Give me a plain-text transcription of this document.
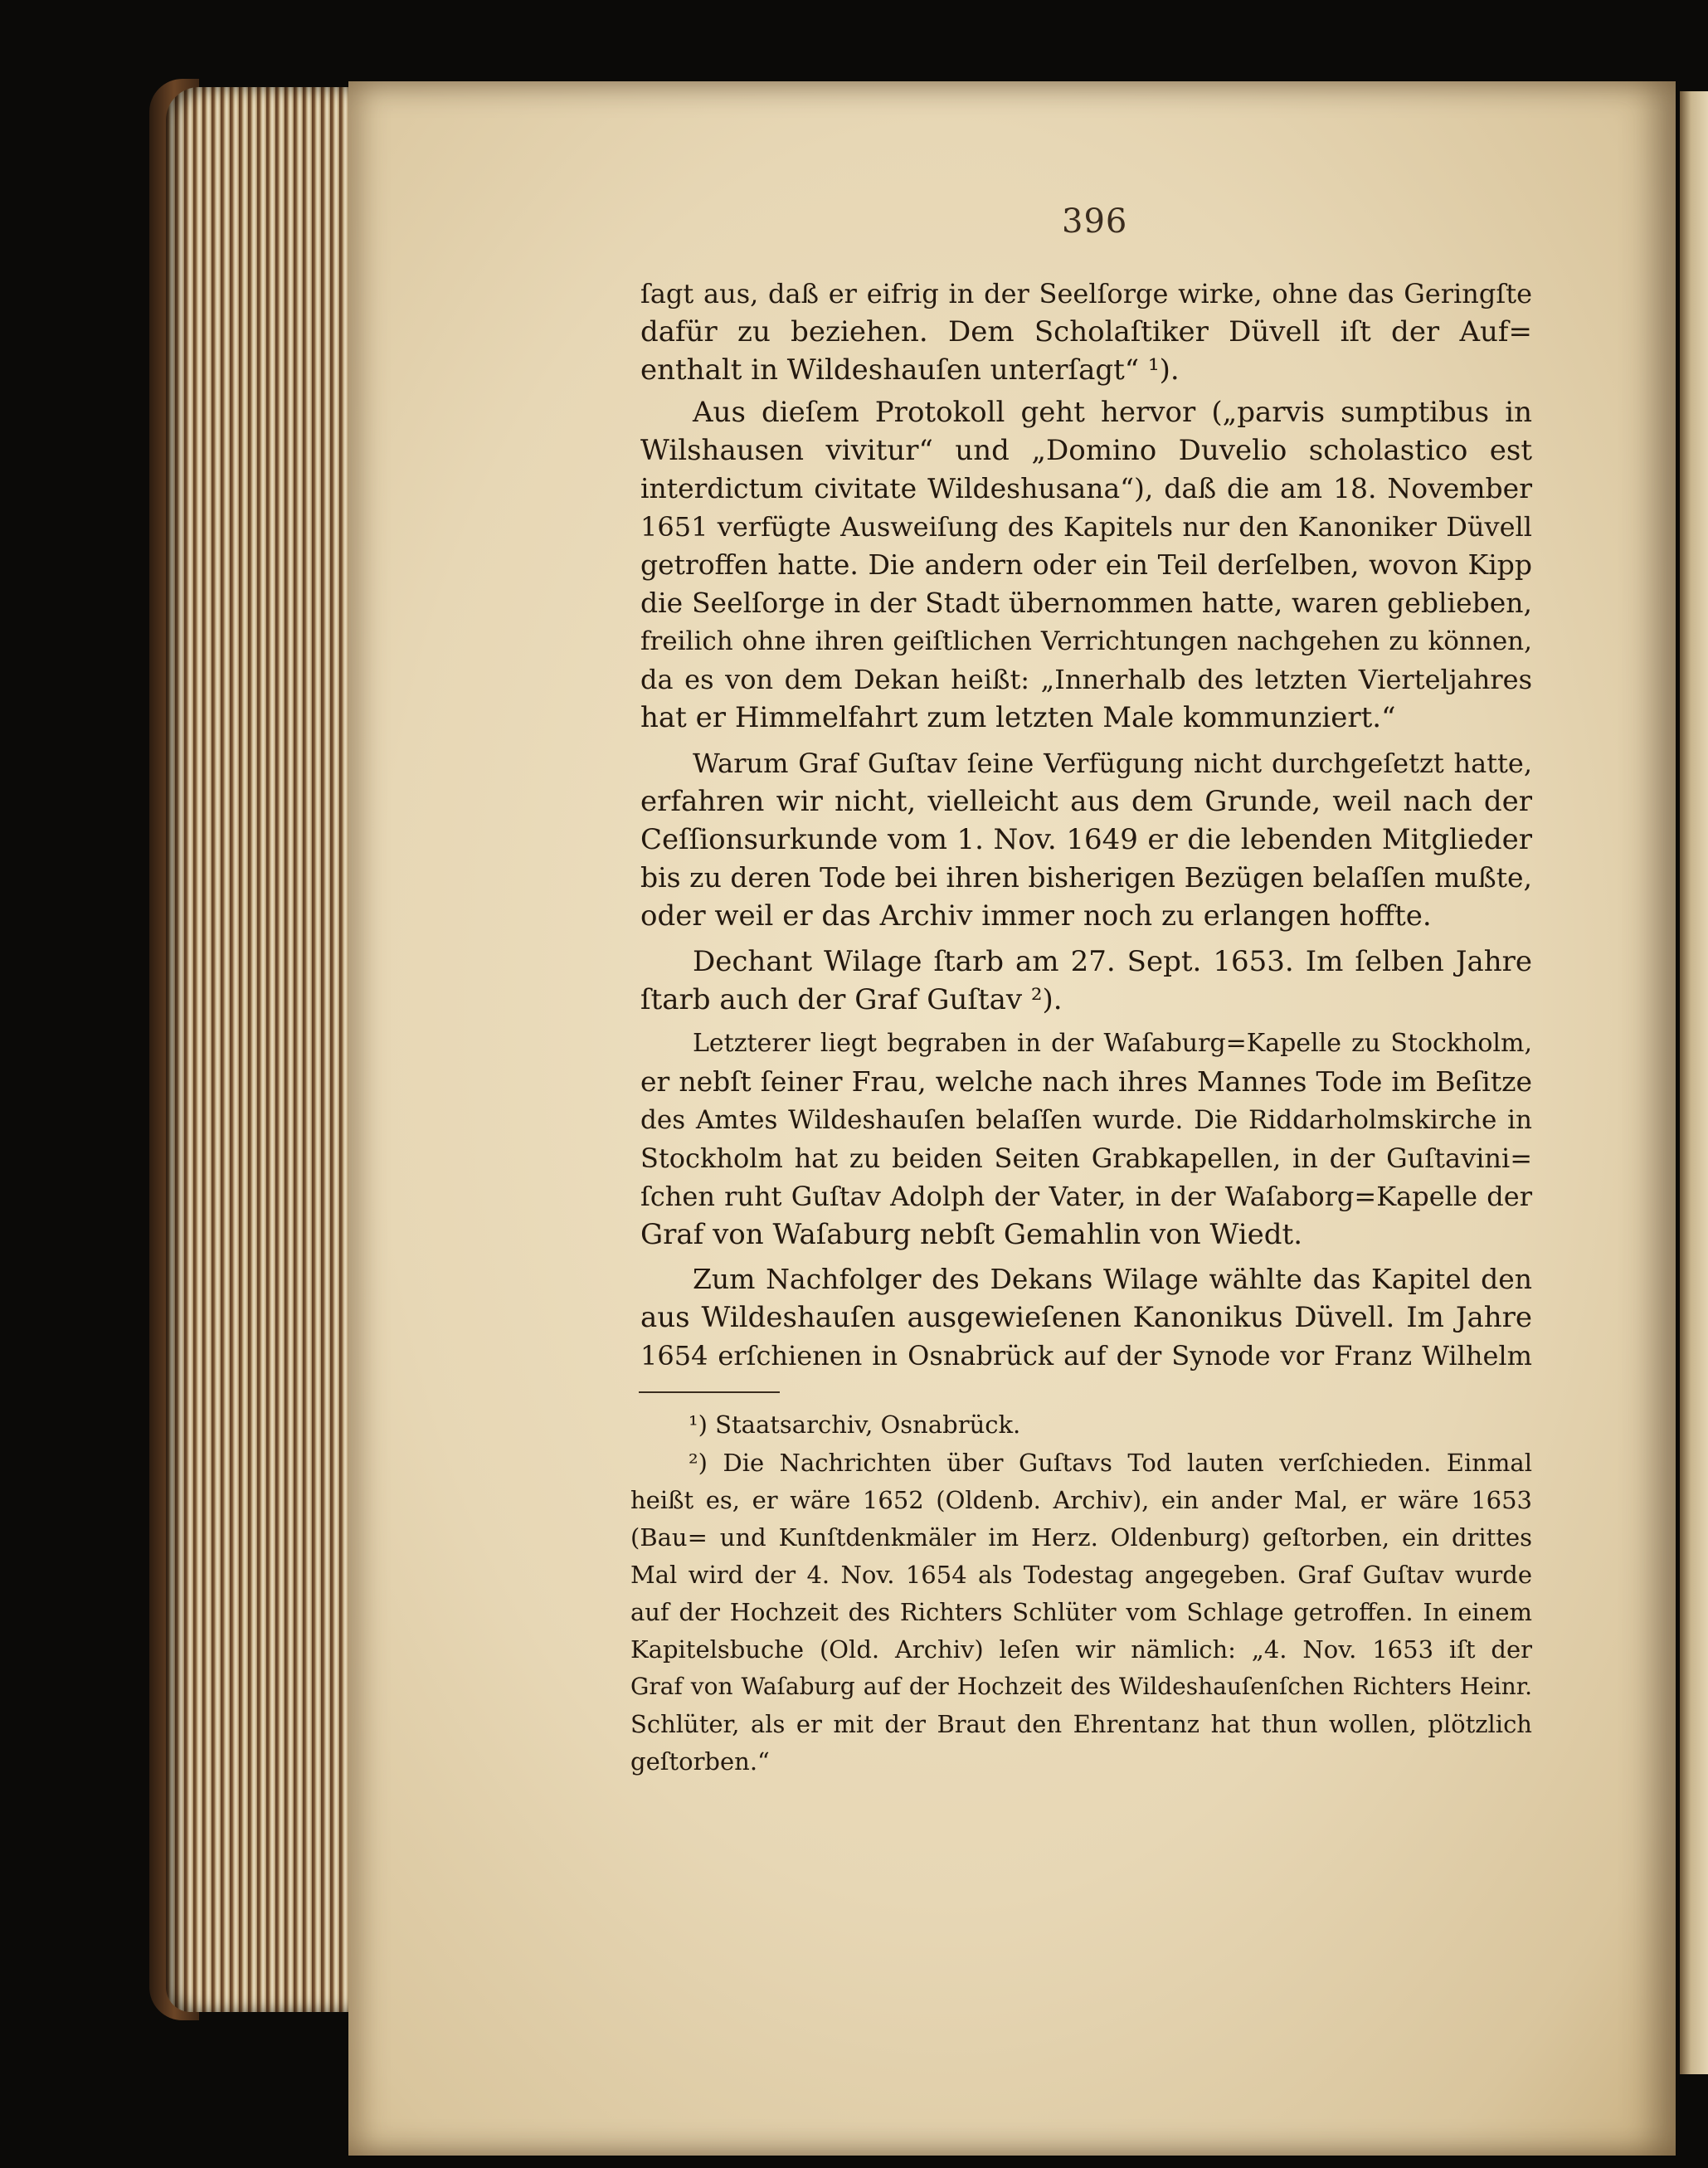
396
ſagt aus, daß er eifrig in der Seelſorge wirke, ohne das Geringſte
dafür zu beziehen. Dem Scholaſtiker Düvell iſt der Auf=
enthalt in Wildeshauſen unterſagt“ ¹).
Aus dieſem Protokoll geht hervor („parvis sumptibus in
Wilshausen vivitur“ und „Domino Duvelio scholastico est
interdictum civitate Wildeshusana“), daß die am 18. November
1651 verfügte Ausweiſung des Kapitels nur den Kanoniker Düvell
getroffen hatte. Die andern oder ein Teil derſelben, wovon Kipp
die Seelſorge in der Stadt übernommen hatte, waren geblieben,
freilich ohne ihren geiſtlichen Verrichtungen nachgehen zu können,
da es von dem Dekan heißt: „Innerhalb des letzten Vierteljahres
hat er Himmelfahrt zum letzten Male kommunziert.“
Warum Graf Guſtav ſeine Verfügung nicht durchgeſetzt hatte,
erfahren wir nicht, vielleicht aus dem Grunde, weil nach der
Ceſſionsurkunde vom 1. Nov. 1649 er die lebenden Mitglieder
bis zu deren Tode bei ihren bisherigen Bezügen belaſſen mußte,
oder weil er das Archiv immer noch zu erlangen hoffte.
Dechant Wilage ſtarb am 27. Sept. 1653. Im ſelben Jahre
ſtarb auch der Graf Guſtav ²).
Letzterer liegt begraben in der Waſaburg=Kapelle zu Stockholm,
er nebſt ſeiner Frau, welche nach ihres Mannes Tode im Beſitze
des Amtes Wildeshauſen belaſſen wurde. Die Riddarholmskirche in
Stockholm hat zu beiden Seiten Grabkapellen, in der Guſtavini=
ſchen ruht Guſtav Adolph der Vater, in der Waſaborg=Kapelle der
Graf von Waſaburg nebſt Gemahlin von Wiedt.
Zum Nachfolger des Dekans Wilage wählte das Kapitel den
aus Wildeshauſen ausgewieſenen Kanonikus Düvell. Im Jahre
1654 erſchienen in Osnabrück auf der Synode vor Franz Wilhelm
¹) Staatsarchiv, Osnabrück.
²) Die Nachrichten über Guſtavs Tod lauten verſchieden. Einmal
heißt es, er wäre 1652 (Oldenb. Archiv), ein ander Mal, er wäre 1653
(Bau= und Kunſtdenkmäler im Herz. Oldenburg) geſtorben, ein drittes
Mal wird der 4. Nov. 1654 als Todestag angegeben. Graf Guſtav wurde
auf der Hochzeit des Richters Schlüter vom Schlage getroffen. In einem
Kapitelsbuche (Old. Archiv) leſen wir nämlich: „4. Nov. 1653 iſt der
Graf von Waſaburg auf der Hochzeit des Wildeshauſenſchen Richters Heinr.
Schlüter, als er mit der Braut den Ehrentanz hat thun wollen, plötzlich
geſtorben.“
